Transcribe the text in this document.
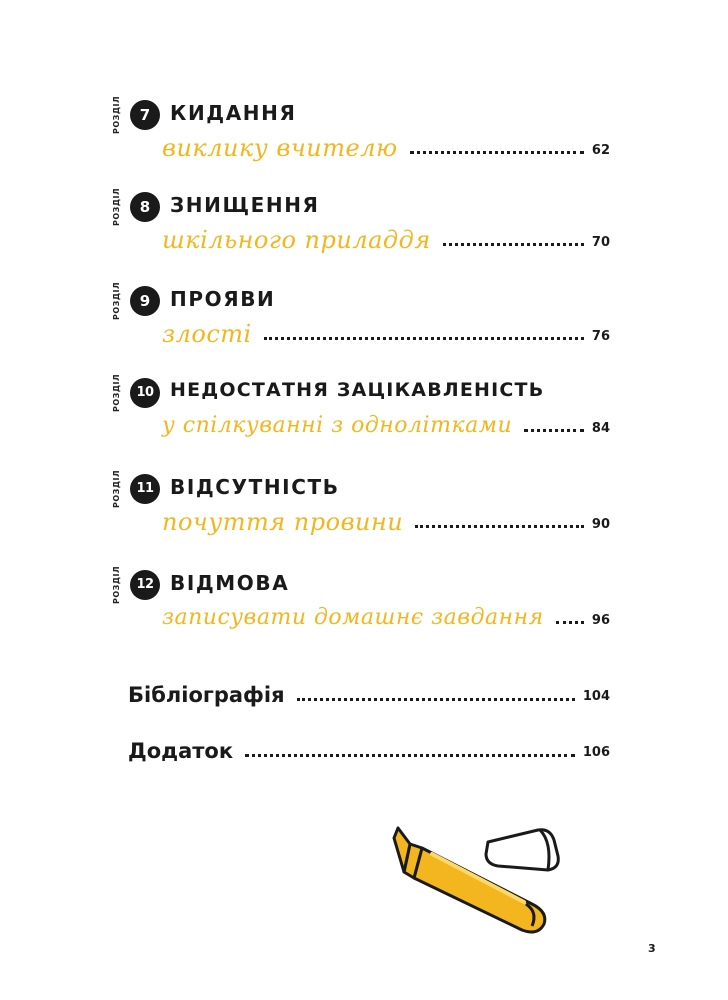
РОЗДІЛ	7 КИДАННЯ
виклику вчителю	62
РОЗДІЛ	8 ЗНИЩЕННЯ
шкільного приладдя	70
РОЗДІЛ	9 ПРОЯВИ
злості	76
РОЗДІЛ	10 НЕДОСТАТНЯ ЗАЦІКАВЛЕНІСТЬ
у спілкуванні з однолітками	84
РОЗДІЛ	11 ВІДСУТНІСТЬ
почуття провини	90
РОЗДІЛ	12 ВІДМОВА
записувати домашнє завдання	96
Бібліографія	104
Додаток	106
3
